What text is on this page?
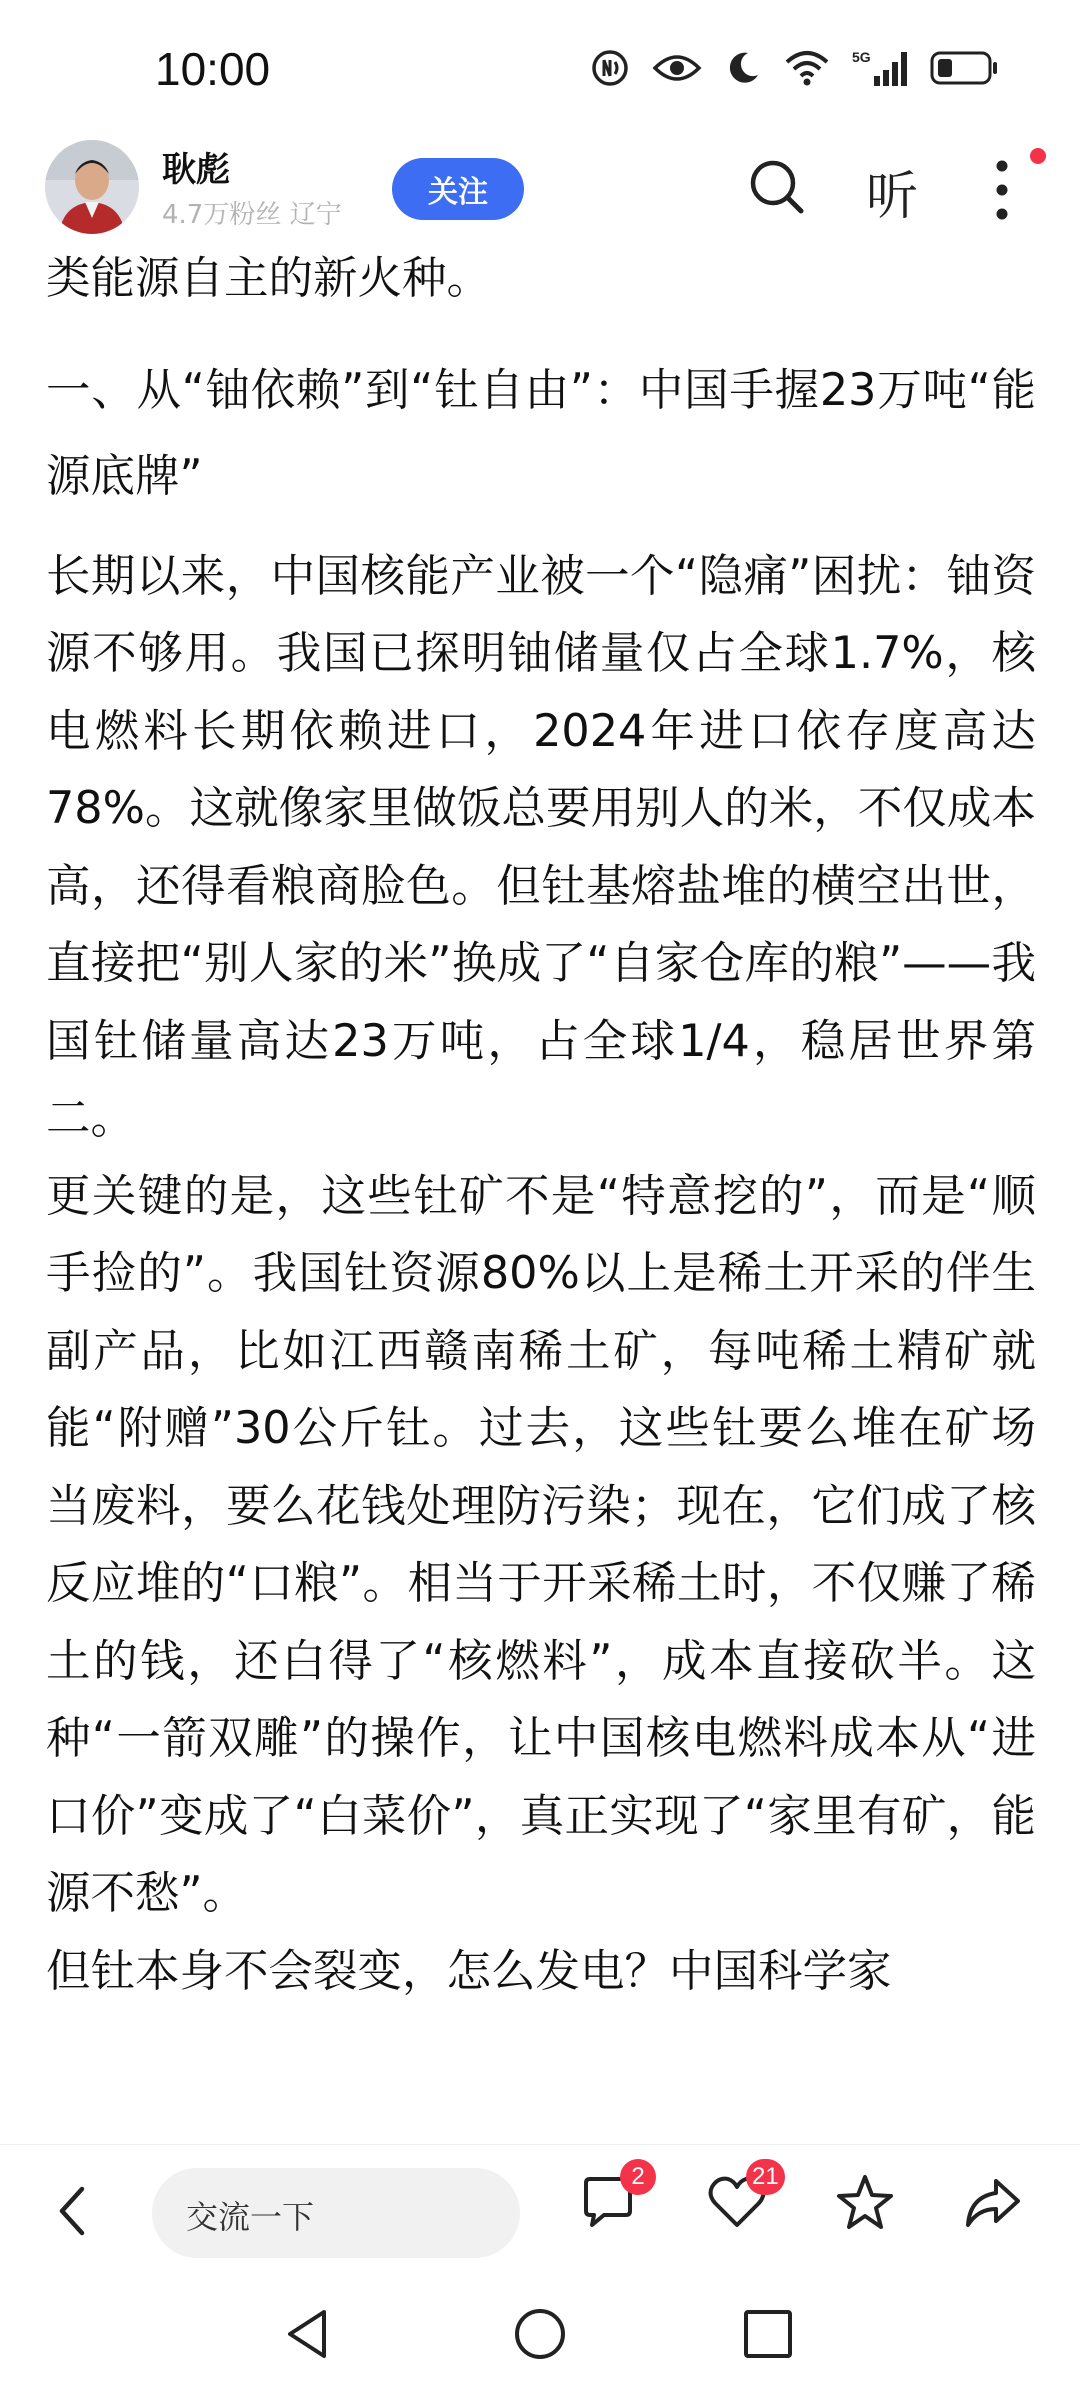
10:00	5G
耿彪
4.7万粉丝 辽宁
关注	听

类能源自主的新火种。

一、从“铀依赖”到“钍自由”：中国手握23万吨“能源底牌”

长期以来，中国核能产业被一个“隐痛”困扰：铀资源不够用。我国已探明铀储量仅占全球1.7%，核电燃料长期依赖进口，2024年进口依存度高达78%。这就像家里做饭总要用别人的米，不仅成本高，还得看粮商脸色。但钍基熔盐堆的横空出世，直接把“别人家的米”换成了“自家仓库的粮”——我国钍储量高达23万吨，占全球1/4，稳居世界第二。

更关键的是，这些钍矿不是“特意挖的”，而是“顺手捡的”。我国钍资源80%以上是稀土开采的伴生副产品，比如江西赣南稀土矿，每吨稀土精矿就能“附赠”30公斤钍。过去，这些钍要么堆在矿场当废料，要么花钱处理防污染；现在，它们成了核反应堆的“口粮”。相当于开采稀土时，不仅赚了稀土的钱，还白得了“核燃料”，成本直接砍半。这种“一箭双雕”的操作，让中国核电燃料成本从“进口价”变成了“白菜价”，真正实现了“家里有矿，能源不愁”。

但钍本身不会裂变，怎么发电？中国科学家

交流一下
2	21
